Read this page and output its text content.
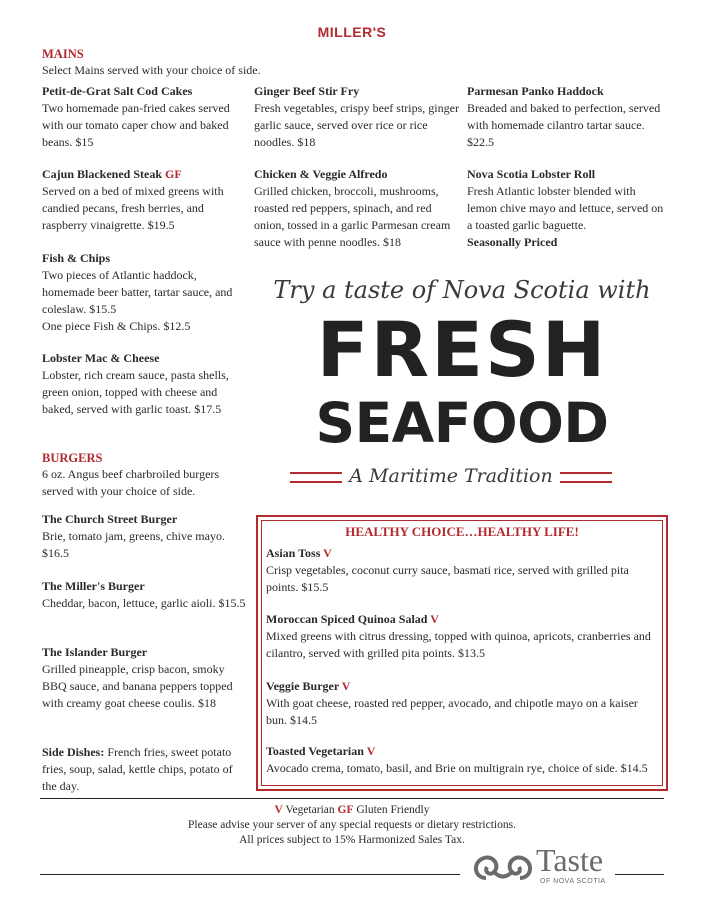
MILLER'S
MAINS
Select Mains served with your choice of side.
Petit-de-Grat Salt Cod Cakes
Two homemade pan-fried cakes served with our tomato caper chow and baked beans. $15
Cajun Blackened Steak GF
Served on a bed of mixed greens with candied pecans, fresh berries, and raspberry vinaigrette. $19.5
Fish & Chips
Two pieces of Atlantic haddock, homemade beer batter, tartar sauce, and coleslaw. $15.5
One piece Fish & Chips. $12.5
Lobster Mac & Cheese
Lobster, rich cream sauce, pasta shells, green onion, topped with cheese and baked, served with garlic toast. $17.5
Ginger Beef Stir Fry
Fresh vegetables, crispy beef strips, ginger garlic sauce, served over rice or rice noodles. $18
Chicken & Veggie Alfredo
Grilled chicken, broccoli, mushrooms, roasted red peppers, spinach, and red onion, tossed in a garlic Parmesan cream sauce with penne noodles. $18
Parmesan Panko Haddock
Breaded and baked to perfection, served with homemade cilantro tartar sauce. $22.5
Nova Scotia Lobster Roll
Fresh Atlantic lobster blended with lemon chive mayo and lettuce, served on a toasted garlic baguette.
Seasonally Priced
Try a taste of Nova Scotia with
FRESH
SEAFOOD
A Maritime Tradition
BURGERS
6 oz. Angus beef charbroiled burgers served with your choice of side.
The Church Street Burger
Brie, tomato jam, greens, chive mayo. $16.5
The Miller's Burger
Cheddar, bacon, lettuce, garlic aioli. $15.5
The Islander Burger
Grilled pineapple, crisp bacon, smoky BBQ sauce, and banana peppers topped with creamy goat cheese coulis. $18
Side Dishes: French fries, sweet potato fries, soup, salad, kettle chips, potato of the day.
HEALTHY CHOICE…HEALTHY LIFE!
Asian Toss V
Crisp vegetables, coconut curry sauce, basmati rice, served with grilled pita points. $15.5
Moroccan Spiced Quinoa Salad V
Mixed greens with citrus dressing, topped with quinoa, apricots, cranberries and cilantro, served with grilled pita points. $13.5
Veggie Burger V
With goat cheese, roasted red pepper, avocado, and chipotle mayo on a kaiser bun. $14.5
Toasted Vegetarian V
Avocado crema, tomato, basil, and Brie on multigrain rye, choice of side. $14.5
V Vegetarian GF Gluten Friendly
Please advise your server of any special requests or dietary restrictions.
All prices subject to 15% Harmonized Sales Tax.
Taste
OF NOVA SCOTIA
